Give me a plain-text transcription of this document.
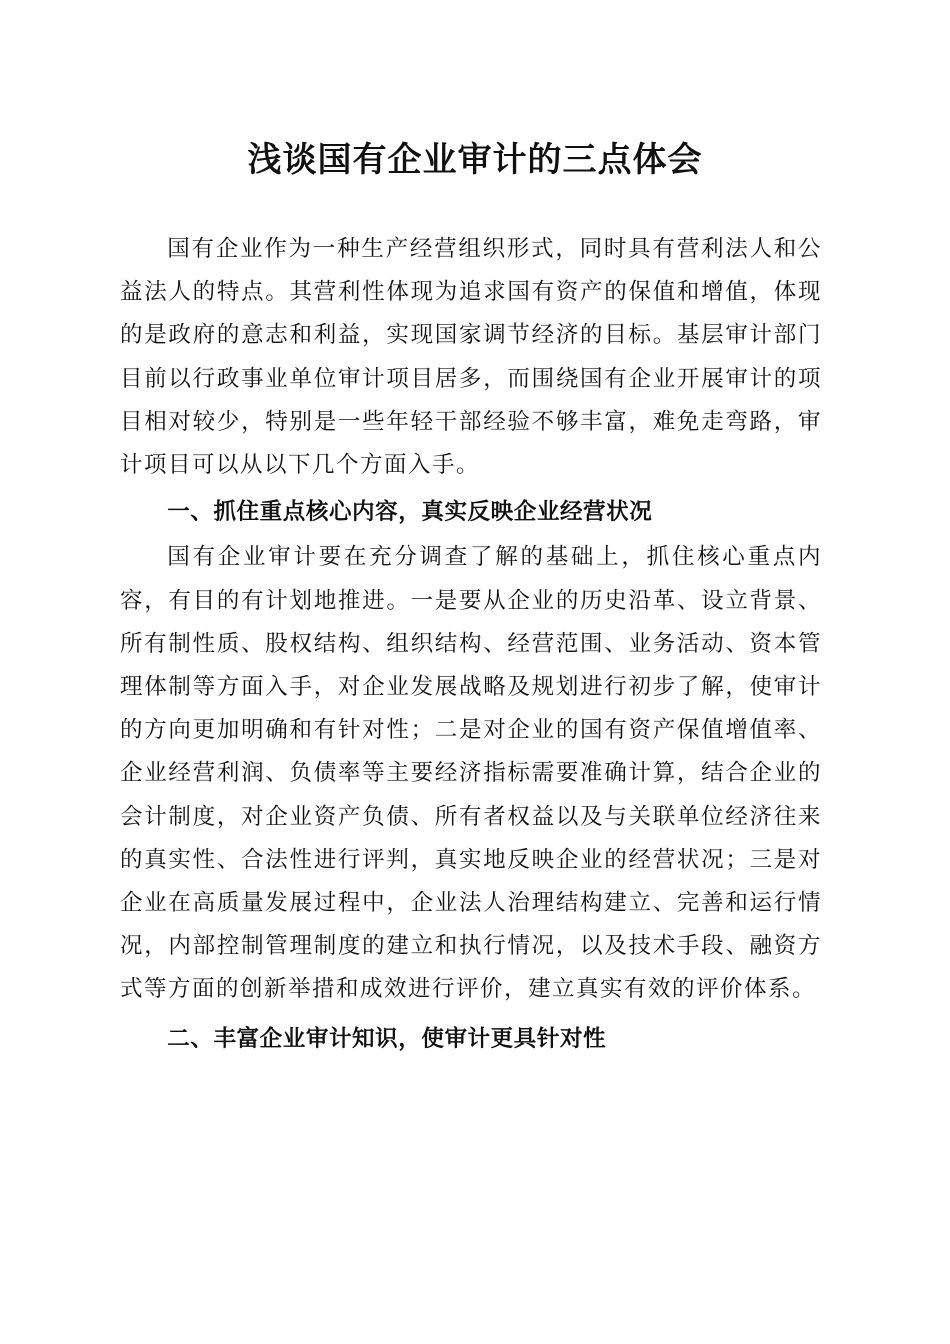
浅谈国有企业审计的三点体会

国有企业作为一种生产经营组织形式，同时具有营利法人和公益法人的特点。其营利性体现为追求国有资产的保值和增值，体现的是政府的意志和利益，实现国家调节经济的目标。基层审计部门目前以行政事业单位审计项目居多，而围绕国有企业开展审计的项目相对较少，特别是一些年轻干部经验不够丰富，难免走弯路，审计项目可以从以下几个方面入手。

一、抓住重点核心内容，真实反映企业经营状况

国有企业审计要在充分调查了解的基础上，抓住核心重点内容，有目的有计划地推进。一是要从企业的历史沿革、设立背景、所有制性质、股权结构、组织结构、经营范围、业务活动、资本管理体制等方面入手，对企业发展战略及规划进行初步了解，使审计的方向更加明确和有针对性；二是对企业的国有资产保值增值率、企业经营利润、负债率等主要经济指标需要准确计算，结合企业的会计制度，对企业资产负债、所有者权益以及与关联单位经济往来的真实性、合法性进行评判，真实地反映企业的经营状况；三是对企业在高质量发展过程中，企业法人治理结构建立、完善和运行情况，内部控制管理制度的建立和执行情况，以及技术手段、融资方式等方面的创新举措和成效进行评价，建立真实有效的评价体系。

二、丰富企业审计知识，使审计更具针对性
